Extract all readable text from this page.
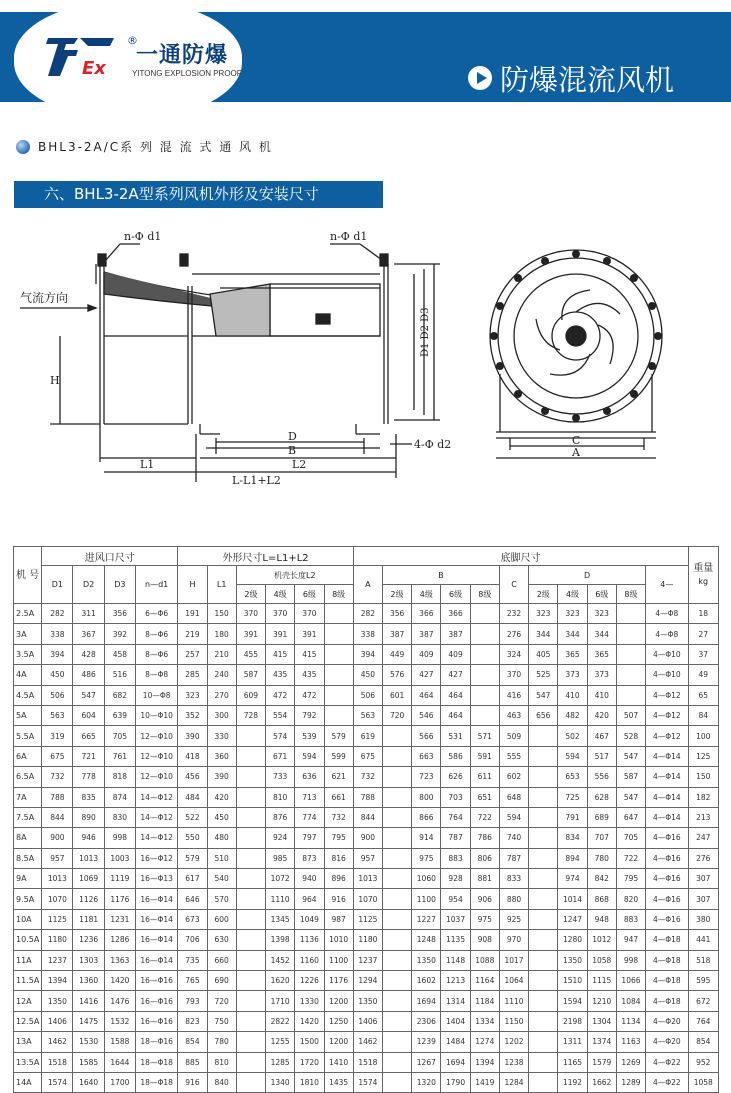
Ex
®
一通防爆
YITONG EXPLOSION PROOF	防爆混流风机
BHL3-2A/C系 列 混 流 式 通 风 机
六、BHL3-2A型系列风机外形及安装尺寸
n-Φ d1	n-Φ d1
气流方向
H
D1 D2 D3
L1
D
B
L2
L-L1+L2
4-Φ d2	C
A
机 号	进风口尺寸				外形尺寸L=L1+L2						底脚尺寸											重量
kg
	D1	D2	D3	n—d1	H	L1	机壳长度L2				A	B				C	D				4—	
							2级	4级	6级	8级		2级	4级	6级	8级		2级	4级	6级	8级		
2.5A	282	311	356	6—Φ6	191	150	370	370	370		282	356	366	366		232	323	323	323		4—Φ8	18
3A	338	367	392	8—Φ6	219	180	391	391	391		338	387	387	387		276	344	344	344		4—Φ8	27
3.5A	394	428	458	8—Φ6	257	210	455	415	415		394	449	409	409		324	405	365	365		4—Φ10	37
4A	450	486	516	8—Φ8	285	240	587	435	435		450	576	427	427		370	525	373	373		4—Φ10	49
4.5A	506	547	682	10—Φ8	323	270	609	472	472		506	601	464	464		416	547	410	410		4—Φ12	65
5A	563	604	639	10—Φ10	352	300	728	554	792		563	720	546	464		463	656	482	420	507	4—Φ12	84
5.5A	319	665	705	12—Φ10	390	330		574	539	579	619		566	531	571	509		502	467	528	4—Φ12	100
6A	675	721	761	12—Φ10	418	360		671	594	599	675		663	586	591	555		594	517	547	4—Φ14	125
6.5A	732	778	818	12—Φ10	456	390		733	636	621	732		723	626	611	602		653	556	587	4—Φ14	150
7A	788	835	874	14—Φ12	484	420		810	713	661	788		800	703	651	648		725	628	547	4—Φ14	182
7.5A	844	890	830	14—Φ12	522	450		876	774	732	844		866	764	722	594		791	689	647	4—Φ14	213
8A	900	946	998	14—Φ12	550	480		924	797	795	900		914	787	786	740		834	707	705	4—Φ16	247
8.5A	957	1013	1003	16—Φ12	579	510		985	873	816	957		975	883	806	787		894	780	722	4—Φ16	276
9A	1013	1069	1119	16—Φ13	617	540		1072	940	896	1013		1060	928	881	833		974	842	795	4—Φ16	307
9.5A	1070	1126	1176	16—Φ14	646	570		1110	964	916	1070		1100	954	906	880		1014	868	820	4—Φ16	307
10A	1125	1181	1231	16—Φ14	673	600		1345	1049	987	1125		1227	1037	975	925		1247	948	883	4—Φ16	380
10.5A	1180	1236	1286	16—Φ14	706	630		1398	1136	1010	1180		1248	1135	908	970		1280	1012	947	4—Φ18	441
11A	1237	1303	1363	16—Φ14	735	660		1452	1160	1100	1237		1350	1148	1088	1017		1350	1058	998	4—Φ18	518
11.5A	1394	1360	1420	16—Φ16	765	690		1620	1226	1176	1294		1602	1213	1164	1064		1510	1115	1066	4—Φ18	595
12A	1350	1416	1476	16—Φ16	793	720		1710	1330	1200	1350		1694	1314	1184	1110		1594	1210	1084	4—Φ18	672
12.5A	1406	1475	1532	16—Φ16	823	750		2822	1420	1250	1406		2306	1404	1334	1150		2198	1304	1134	4—Φ20	764
13A	1462	1530	1588	18—Φ16	854	780		1255	1500	1200	1462		1239	1484	1274	1202		1311	1374	1163	4—Φ20	854
13.5A	1518	1585	1644	18—Φ18	885	810		1285	1720	1410	1518		1267	1694	1394	1238		1165	1579	1269	4—Φ22	952
14A	1574	1640	1700	18—Φ18	916	840		1340	1810	1435	1574		1320	1790	1419	1284		1192	1662	1289	4—Φ22	1058
